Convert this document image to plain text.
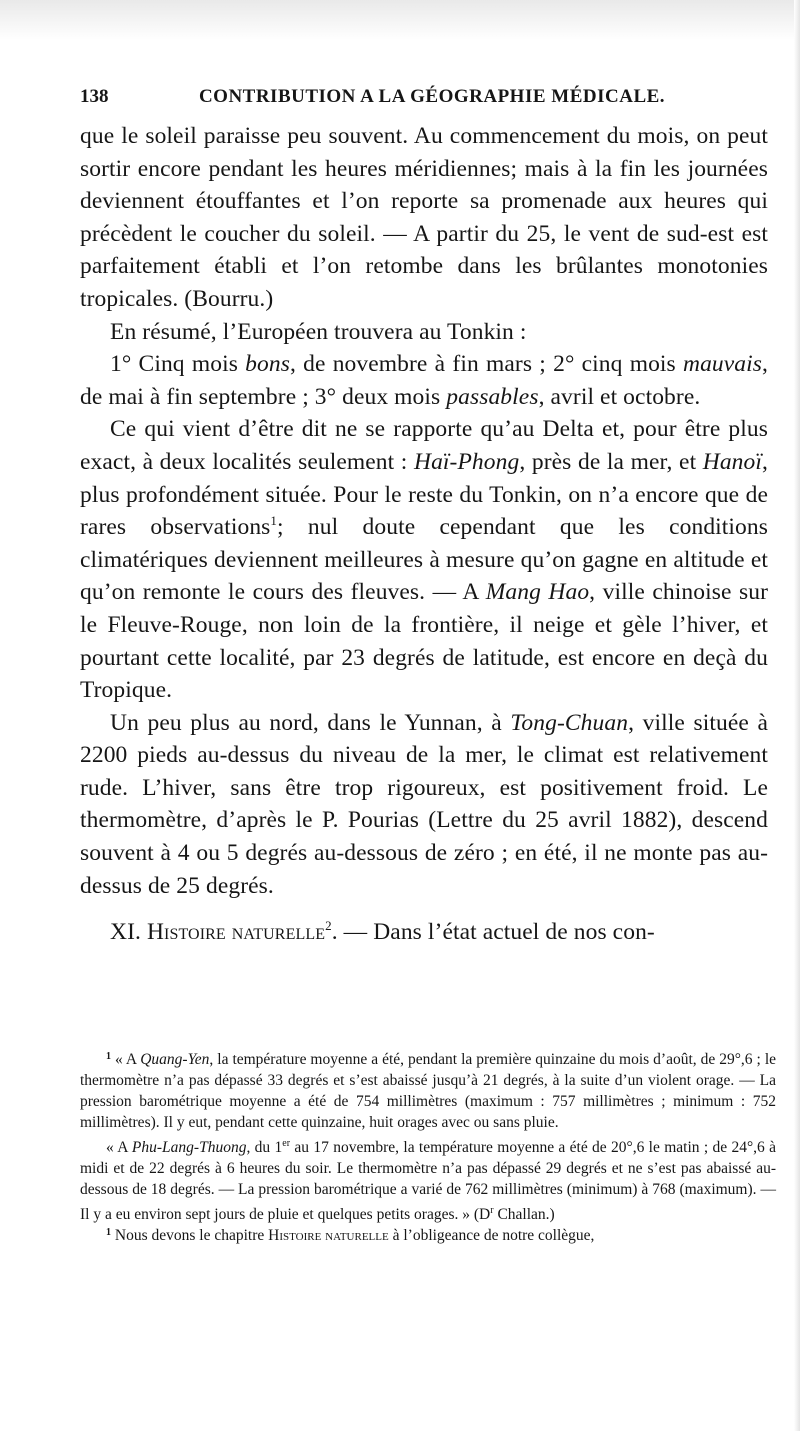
138	CONTRIBUTION A LA GÉOGRAPHIE MÉDICALE.

que le soleil paraisse peu souvent. Au commencement du mois, on peut sortir encore pendant les heures méridiennes; mais à la fin les journées deviennent étouffantes et l’on reporte sa promenade aux heures qui précèdent le coucher du soleil. — A partir du 25, le vent de sud-est est parfaitement établi et l’on retombe dans les brûlantes monotonies tropicales. (Bourru.)

En résumé, l’Européen trouvera au Tonkin :

1° Cinq mois bons, de novembre à fin mars ; 2° cinq mois mauvais, de mai à fin septembre ; 3° deux mois passables, avril et octobre.

Ce qui vient d’être dit ne se rapporte qu’au Delta et, pour être plus exact, à deux localités seulement : Haï-Phong, près de la mer, et Hanoï, plus profondément située. Pour le reste du Tonkin, on n’a encore que de rares observations$^1$; nul doute cependant que les conditions climatériques deviennent meilleures à mesure qu’on gagne en altitude et qu’on remonte le cours des fleuves. — A Mang Hao, ville chinoise sur le Fleuve-Rouge, non loin de la frontière, il neige et gèle l’hiver, et pourtant cette localité, par 23 degrés de latitude, est encore en deçà du Tropique.

Un peu plus au nord, dans le Yunnan, à Tong-Chuan, ville située à 2200 pieds au-dessus du niveau de la mer, le climat est relativement rude. L’hiver, sans être trop rigoureux, est positivement froid. Le thermomètre, d’après le P. Pourias (Lettre du 25 avril 1882), descend souvent à 4 ou 5 degrés au-dessous de zéro ; en été, il ne monte pas au-dessus de 25 degrés.

XI. Histoire naturelle$^2$. — Dans l’état actuel de nos con-

$^1$ « A Quang-Yen, la température moyenne a été, pendant la première quinzaine du mois d’août, de 29°,6 ; le thermomètre n’a pas dépassé 33 degrés et s’est abaissé jusqu’à 21 degrés, à la suite d’un violent orage. — La pression barométrique moyenne a été de 754 millimètres (maximum : 757 millimètres ; minimum : 752 millimètres). Il y eut, pendant cette quinzaine, huit orages avec ou sans pluie.

« A Phu-Lang-Thuong, du 1er au 17 novembre, la température moyenne a été de 20°,6 le matin ; de 24°,6 à midi et de 22 degrés à 6 heures du soir. Le thermomètre n’a pas dépassé 29 degrés et ne s’est pas abaissé au-dessous de 18 degrés. — La pression barométrique a varié de 762 millimètres (minimum) à 768 (maximum). — Il y a eu environ sept jours de pluie et quelques petits orages. » ($D^r$ Challan.)

$^1$ Nous devons le chapitre Histoire naturelle à l’obligeance de notre collègue,
